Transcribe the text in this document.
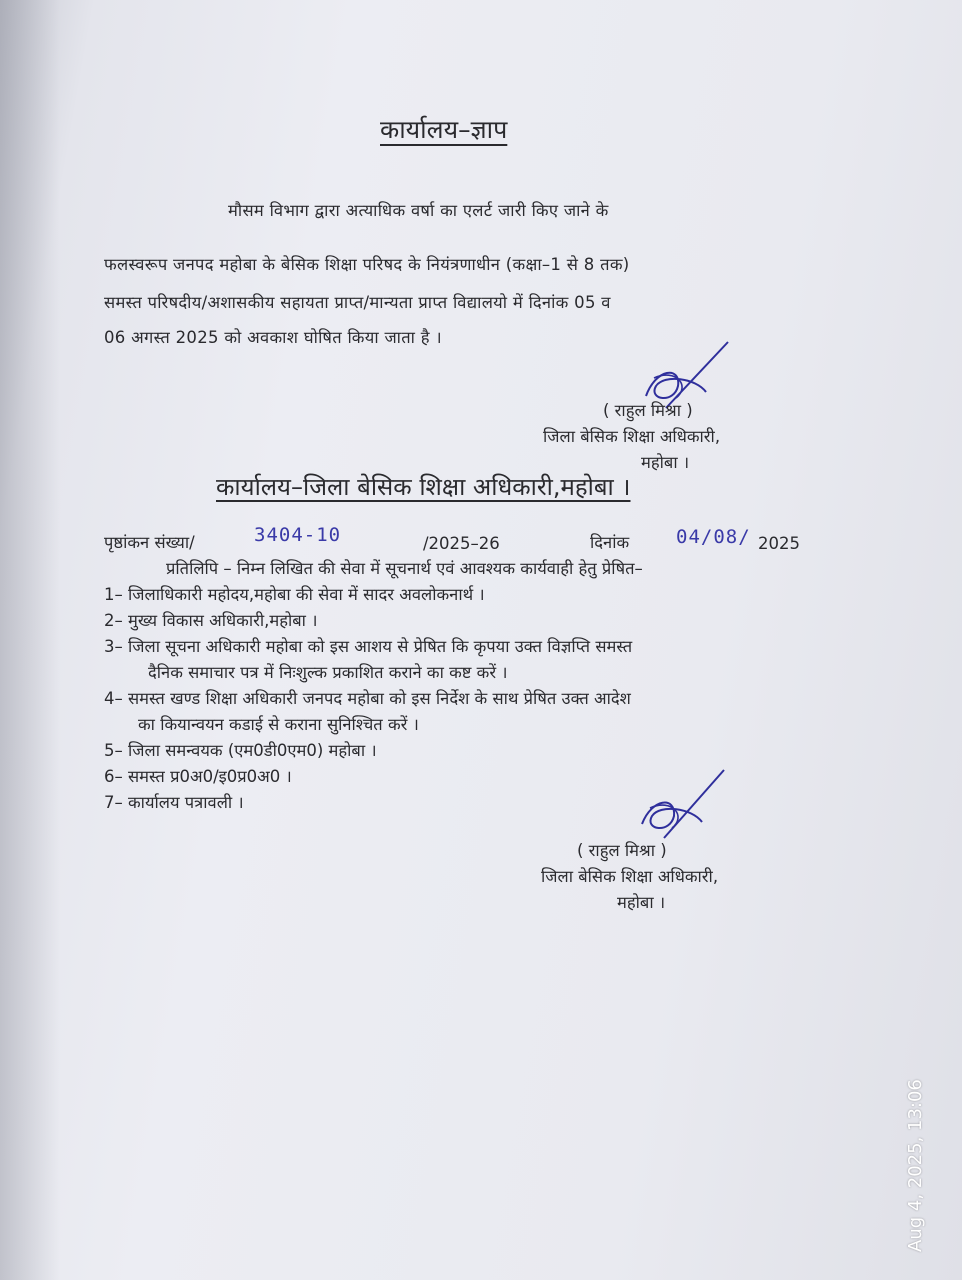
कार्यालय–ज्ञाप
मौसम विभाग द्वारा अत्याधिक वर्षा का एलर्ट जारी किए जाने के
फलस्वरूप जनपद महोबा के बेसिक शिक्षा परिषद के नियंत्रणाधीन (कक्षा–1 से 8 तक)
समस्त परिषदीय/अशासकीय सहायता प्राप्त/मान्यता प्राप्त विद्यालयो में दिनांक 05 व
06 अगस्त 2025 को अवकाश घोषित किया जाता है ।
( राहुल मिश्रा )
जिला बेसिक शिक्षा अधिकारी,
महोबा ।
कार्यालय–जिला बेसिक शिक्षा अधिकारी,महोबा ।
पृष्ठांकन संख्या/	3404-10	/2025–26	दिनांक 04/08/ 2025
प्रतिलिपि – निम्न लिखित की सेवा में सूचनार्थ एवं आवश्यक कार्यवाही हेतु प्रेषित–
1– जिलाधिकारी महोदय,महोबा की सेवा में सादर अवलोकनार्थ ।
2– मुख्य विकास अधिकारी,महोबा ।
3– जिला सूचना अधिकारी महोबा को इस आशय से प्रेषित कि कृपया उक्त विज्ञप्ति समस्त
दैनिक समाचार पत्र में निःशुल्क प्रकाशित कराने का कष्ट करें ।
4– समस्त खण्ड शिक्षा अधिकारी जनपद महोबा को इस निर्देश के साथ प्रेषित उक्त आदेश
का कियान्वयन कडाई से कराना सुनिश्चित करें ।
5– जिला समन्वयक (एम0डी0एम0) महोबा ।
6– समस्त प्र0अ0/इ0प्र0अ0 ।
7– कार्यालय पत्रावली ।
( राहुल मिश्रा )
जिला बेसिक शिक्षा अधिकारी,
महोबा ।
Aug 4, 2025, 13:06
